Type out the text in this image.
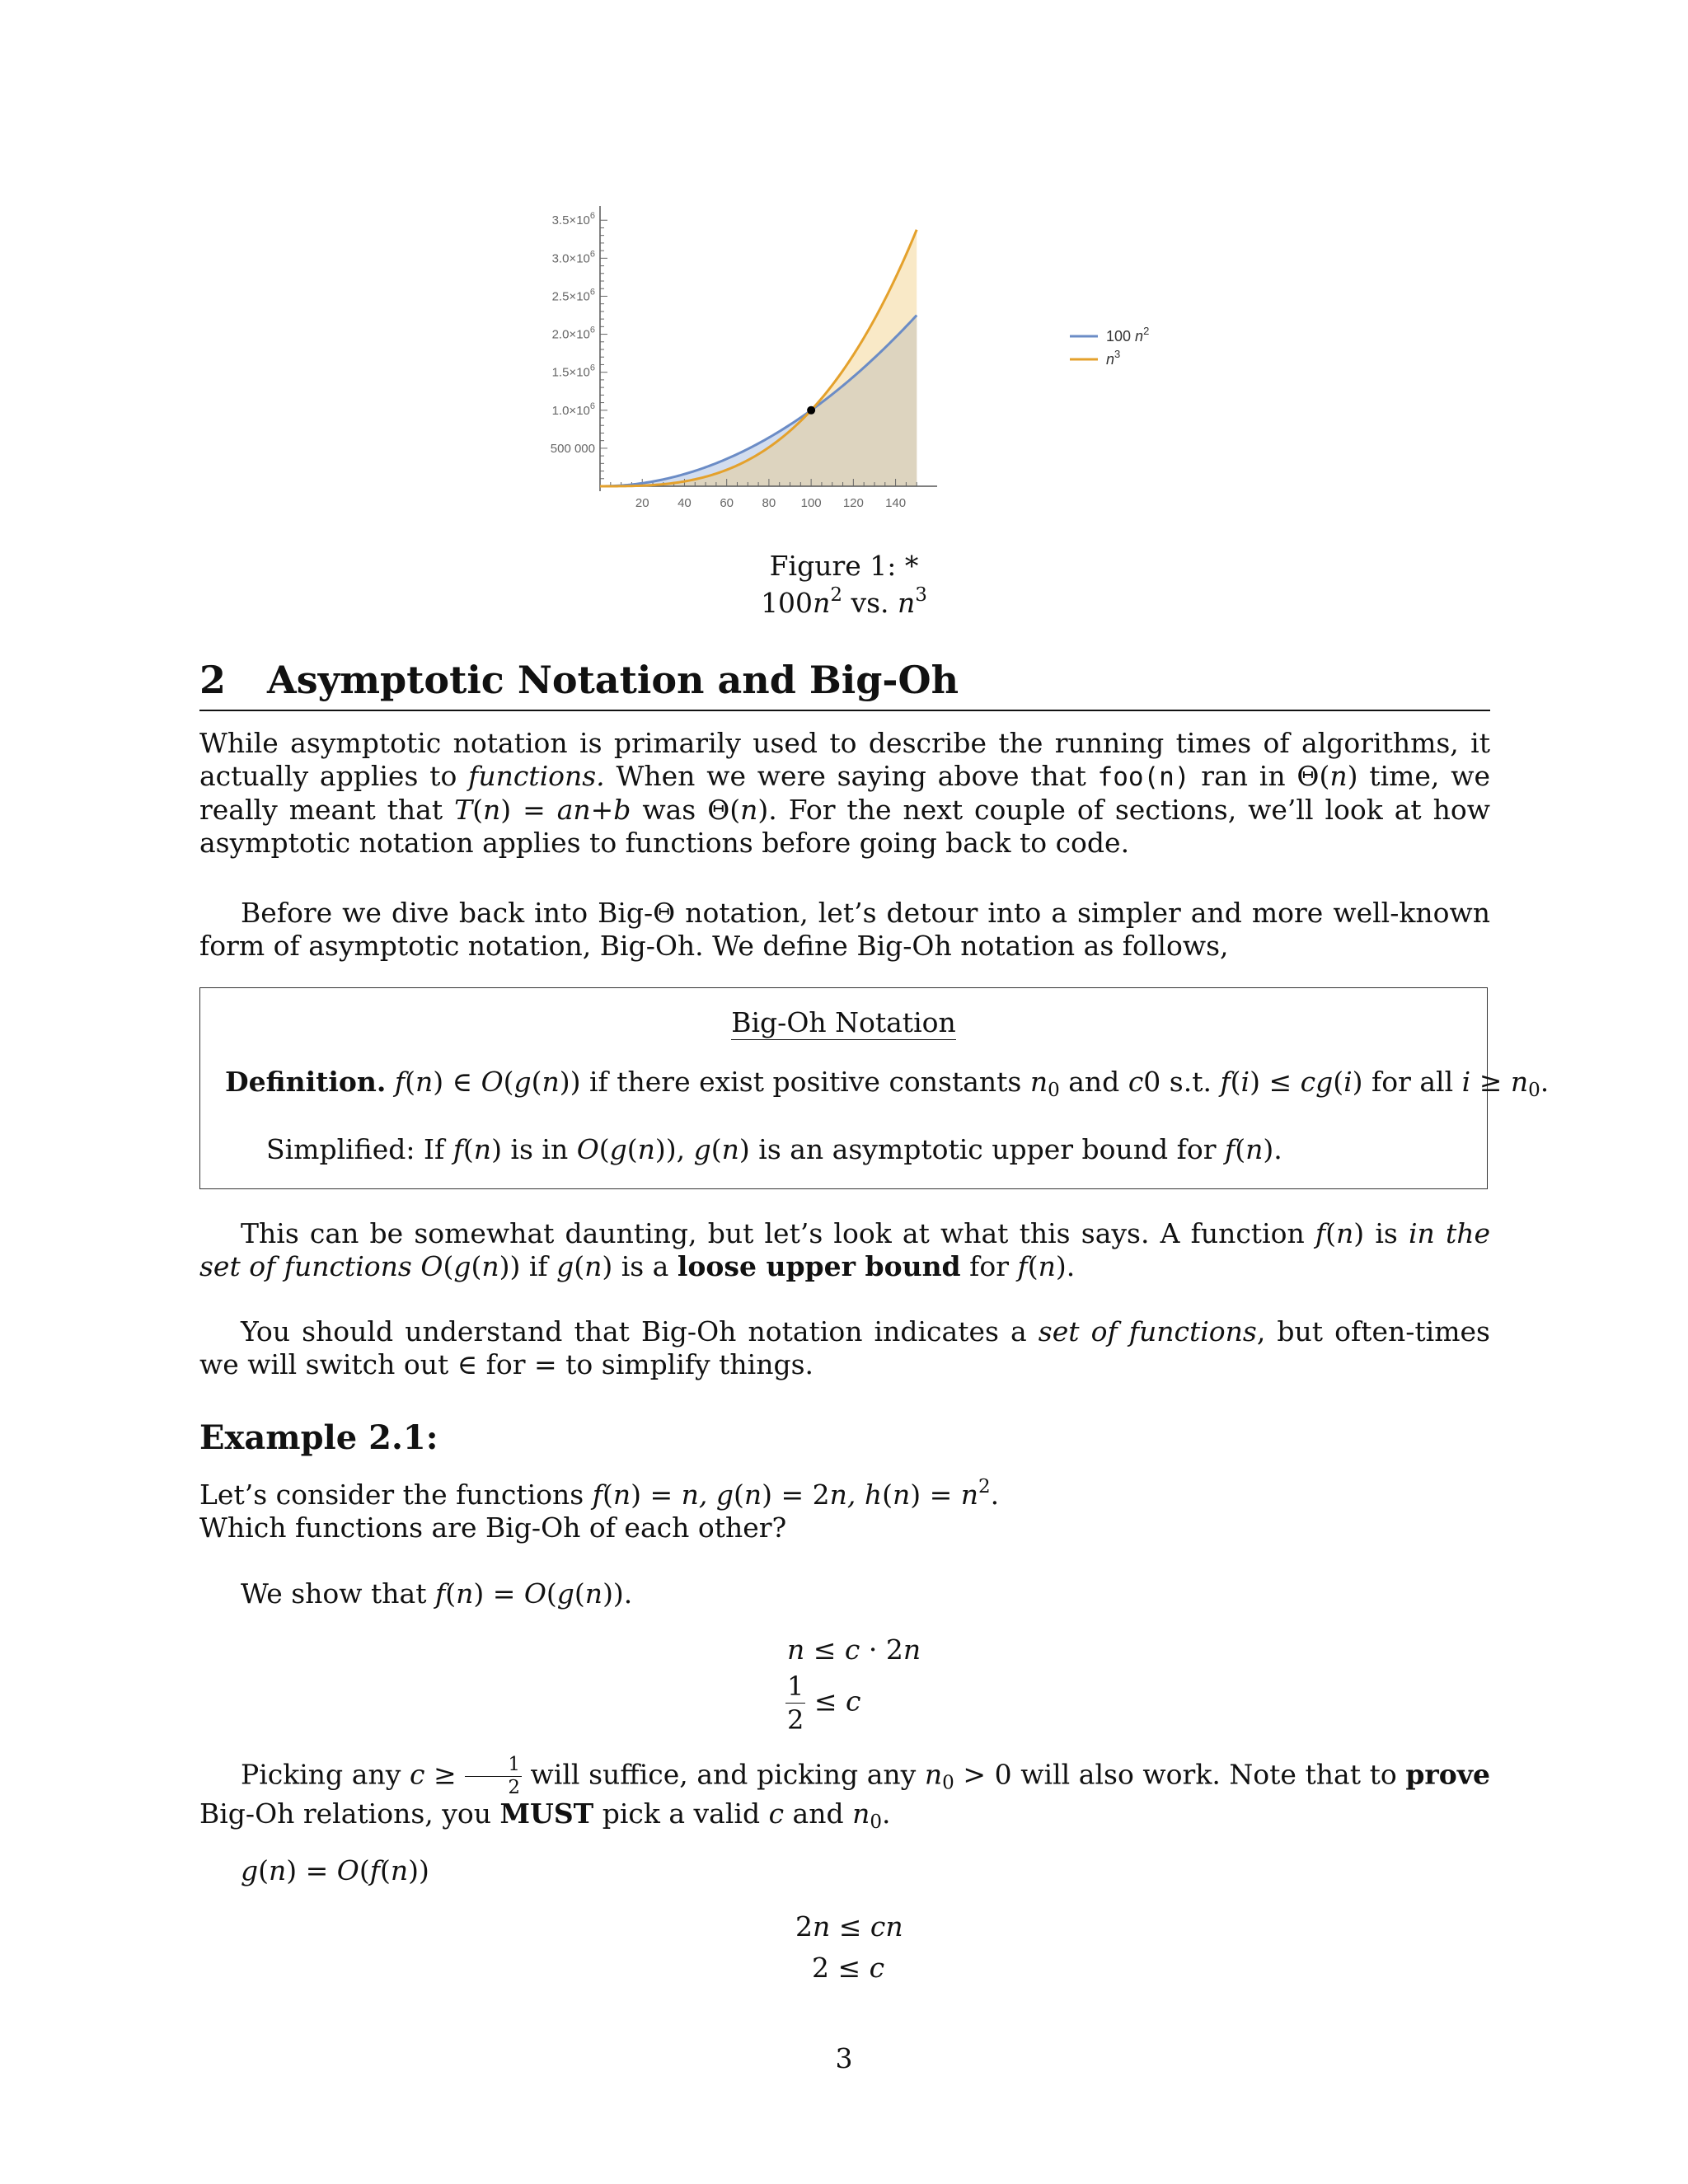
20 40 60 80 100 120 140
500 000
$1.0\times 10^6$
$1.5\times 10^6$
$2.0\times 10^6$
$2.5\times 10^6$
$3.0\times 10^6$
$3.5\times 10^6$
100 $n^2$
$n^3$
Figure 1: *
$100n^2$ vs. $n^3$
2 Asymptotic Notation and Big-Oh
While asymptotic notation is primarily used to describe the running times of algorithms, it actually applies to functions. When we were saying above that foo(n) ran in Θ(n) time, we really meant that T(n) = an+b was Θ(n). For the next couple of sections, we’ll look at how asymptotic notation applies to functions before going back to code.
Before we dive back into Big-Θ notation, let’s detour into a simpler and more well-known form of asymptotic notation, Big-Oh. We define Big-Oh notation as follows,
Big-Oh Notation
Definition. f(n) ∈ O(g(n)) if there exist positive constants $n_0$ and c0 s.t. f(i) ≤ cg(i) for all $i \ge n_0$.
Simplified: If f(n) is in O(g(n)), g(n) is an asymptotic upper bound for f(n).
This can be somewhat daunting, but let’s look at what this says. A function f(n) is in the set of functions O(g(n)) if g(n) is a loose upper bound for f(n).
You should understand that Big-Oh notation indicates a set of functions, but often-times we will switch out ∈ for = to simplify things.
Example 2.1:
Let’s consider the functions f(n) = n, g(n) = 2n, $h(n) = n^2$.
Which functions are Big-Oh of each other?
We show that f(n) = O(g(n)).
n ≤ c · 2n
$\frac{1}{2} \le c$
Picking any $c \ge \frac{1}{2}$ will suffice, and picking any $n_0 > 0$ will also work. Note that to prove Big-Oh relations, you MUST pick a valid c and $n_0$.
g(n) = O(f(n))
2n ≤ cn
2 ≤ c
3
